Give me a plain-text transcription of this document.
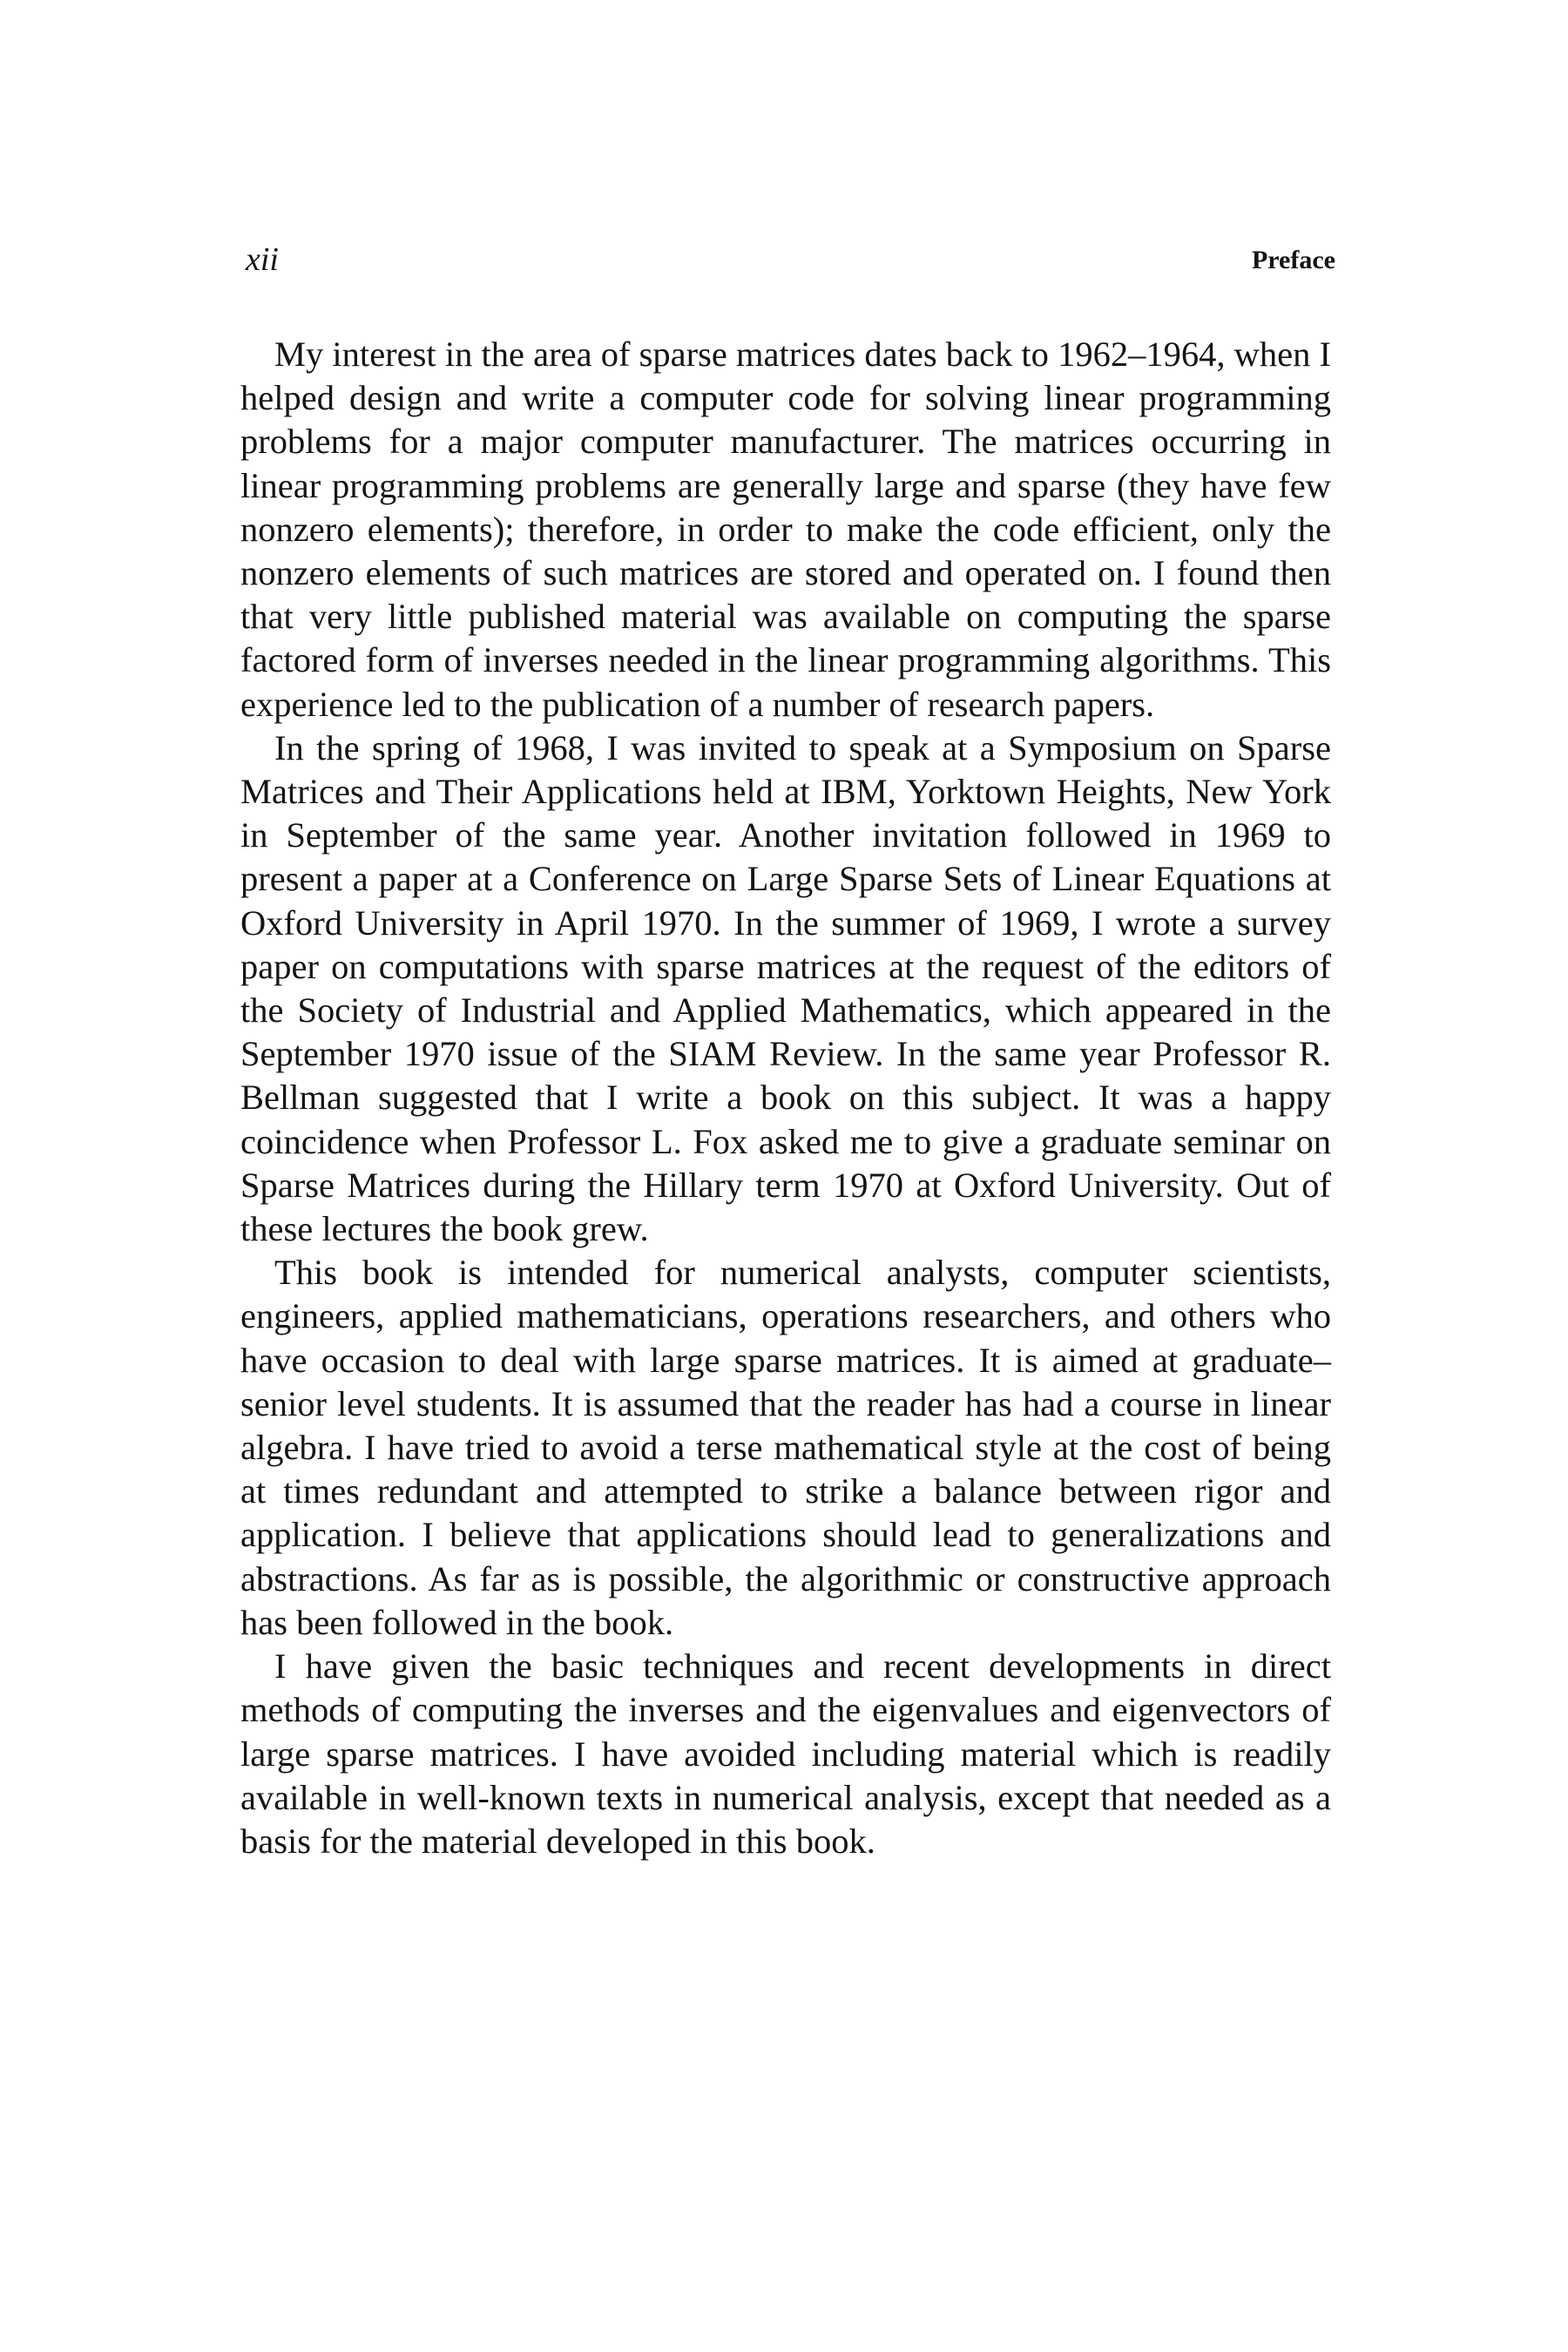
xii	Preface

My interest in the area of sparse matrices dates back to 1962–1964, when I helped design and write a computer code for solving linear programming problems for a major computer manufacturer. The matrices occurring in linear programming problems are generally large and sparse (they have few nonzero elements); therefore, in order to make the code efficient, only the nonzero elements of such matrices are stored and operated on. I found then that very little published material was available on computing the sparse factored form of inverses needed in the linear programming algorithms. This experience led to the publication of a number of research papers.

In the spring of 1968, I was invited to speak at a Symposium on Sparse Matrices and Their Applications held at IBM, Yorktown Heights, New York in September of the same year. Another invitation followed in 1969 to present a paper at a Conference on Large Sparse Sets of Linear Equations at Oxford University in April 1970. In the summer of 1969, I wrote a survey paper on computations with sparse matrices at the request of the editors of the Society of Industrial and Applied Mathematics, which appeared in the September 1970 issue of the SIAM Review. In the same year Professor R. Bellman suggested that I write a book on this subject. It was a happy coincidence when Professor L. Fox asked me to give a graduate seminar on Sparse Matrices during the Hillary term 1970 at Oxford University. Out of these lectures the book grew.

This book is intended for numerical analysts, computer scientists, engineers, applied mathematicians, operations researchers, and others who have occasion to deal with large sparse matrices. It is aimed at graduate–senior level students. It is assumed that the reader has had a course in linear algebra. I have tried to avoid a terse mathematical style at the cost of being at times redundant and attempted to strike a balance between rigor and application. I believe that applications should lead to generalizations and abstractions. As far as is possible, the algorithmic or constructive approach has been followed in the book.

I have given the basic techniques and recent developments in direct methods of computing the inverses and the eigenvalues and eigenvectors of large sparse matrices. I have avoided including material which is readily available in well-known texts in numerical analysis, except that needed as a basis for the material developed in this book.
